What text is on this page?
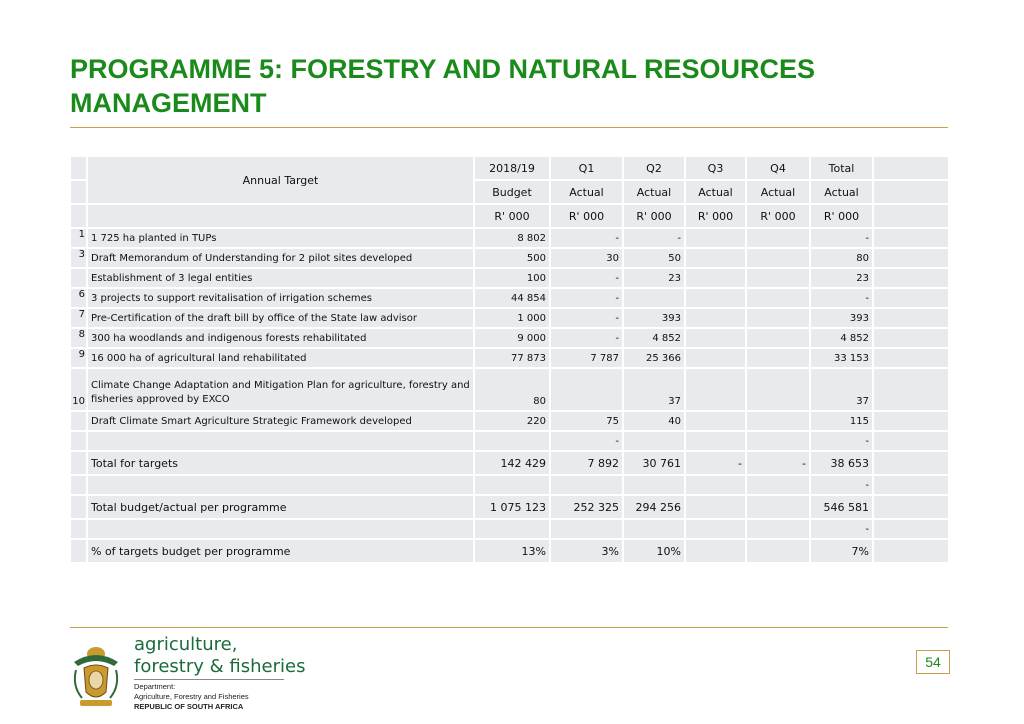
PROGRAMME 5: FORESTRY AND NATURAL RESOURCES MANAGEMENT
	Annual Target	2018/19	Q1	Q2	Q3	Q4	Total	
		Budget	Actual	Actual	Actual	Actual	Actual	
		R' 000	R' 000	R' 000	R' 000	R' 000	R' 000	
1	1 725 ha planted in TUPs	8 802	-	-			-	
3	Draft Memorandum of Understanding for 2 pilot sites developed	500	30	50			80	
	Establishment of 3 legal entities	100	-	23			23	
6	3 projects to support revitalisation of irrigation schemes	44 854	-				-	
7	Pre-Certification of the draft bill by office of the State law advisor	1 000	-	393			393	
8	300 ha woodlands and indigenous forests rehabilitated	9 000	-	4 852			4 852	
9	16 000 ha of agricultural land rehabilitated	77 873	7 787	25 366			33 153	
10	Climate Change Adaptation and Mitigation Plan for agriculture, forestry and fisheries approved by EXCO	80		37			37	
	Draft Climate Smart Agriculture Strategic Framework developed	220	75	40			115	
			-				-	
	Total for targets	142 429	7 892	30 761	-	-	38 653	
							-	
	Total budget/actual per programme	1 075 123	252 325	294 256			546 581	
							-	
	% of targets budget per programme	13%	3%	10%			7%	
agriculture,
forestry & fisheries
Department:
Agriculture, Forestry and Fisheries
REPUBLIC OF SOUTH AFRICA
54
